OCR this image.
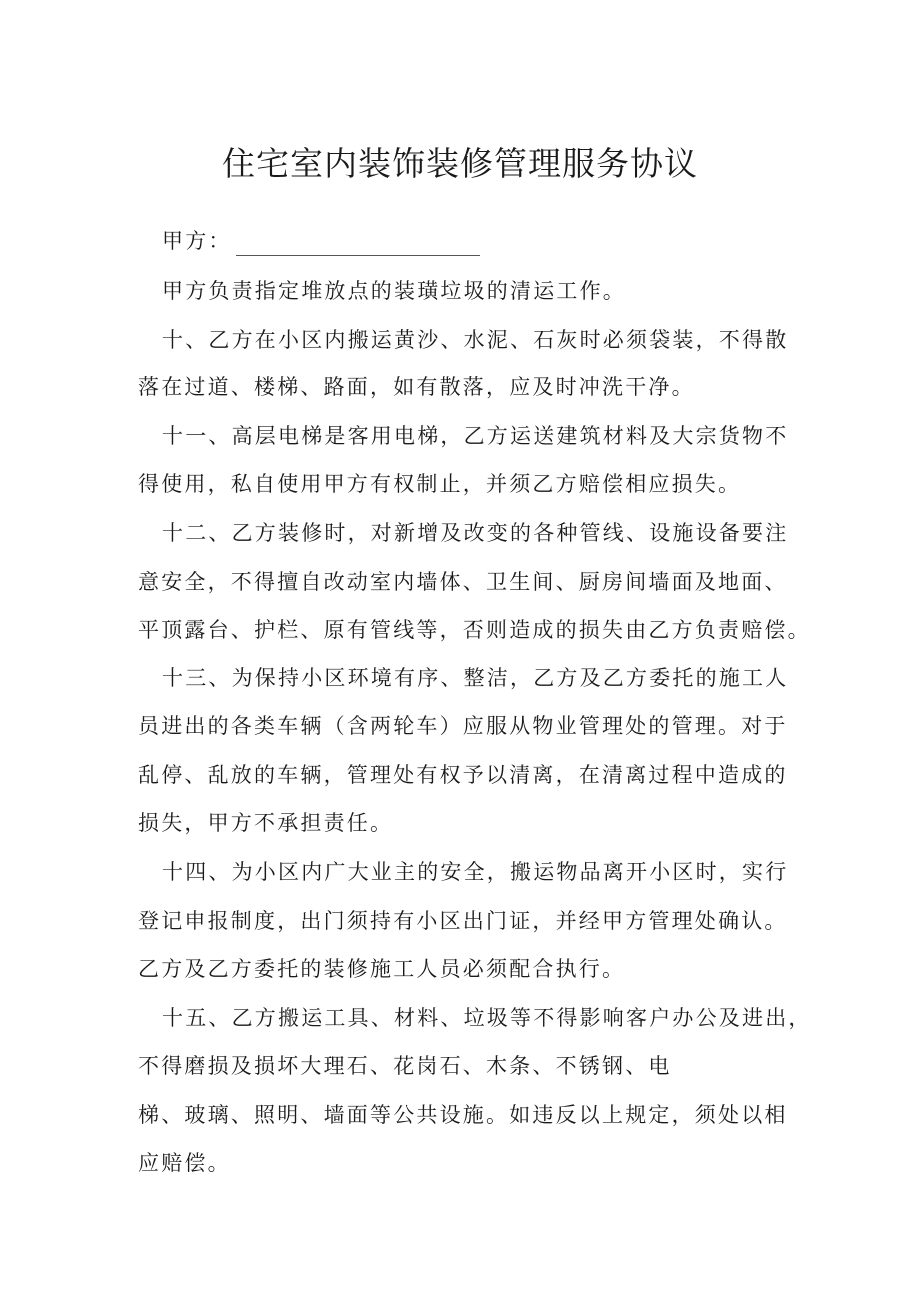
住宅室内装饰装修管理服务协议
甲方：
甲方负责指定堆放点的装璜垃圾的清运工作。
十、乙方在小区内搬运黄沙、水泥、石灰时必须袋装，不得散
落在过道、楼梯、路面，如有散落，应及时冲洗干净。
十一、高层电梯是客用电梯，乙方运送建筑材料及大宗货物不
得使用，私自使用甲方有权制止，并须乙方赔偿相应损失。
十二、乙方装修时，对新增及改变的各种管线、设施设备要注
意安全，不得擅自改动室内墙体、卫生间、厨房间墙面及地面、
平顶露台、护栏、原有管线等，否则造成的损失由乙方负责赔偿。
十三、为保持小区环境有序、整洁，乙方及乙方委托的施工人
员进出的各类车辆（含两轮车）应服从物业管理处的管理。对于
乱停、乱放的车辆，管理处有权予以清离，在清离过程中造成的
损失，甲方不承担责任。
十四、为小区内广大业主的安全，搬运物品离开小区时，实行
登记申报制度，出门须持有小区出门证，并经甲方管理处确认。
乙方及乙方委托的装修施工人员必须配合执行。
十五、乙方搬运工具、材料、垃圾等不得影响客户办公及进出，
不得磨损及损坏大理石、花岗石、木条、不锈钢、电
梯、玻璃、照明、墙面等公共设施。如违反以上规定，须处以相
应赔偿。
